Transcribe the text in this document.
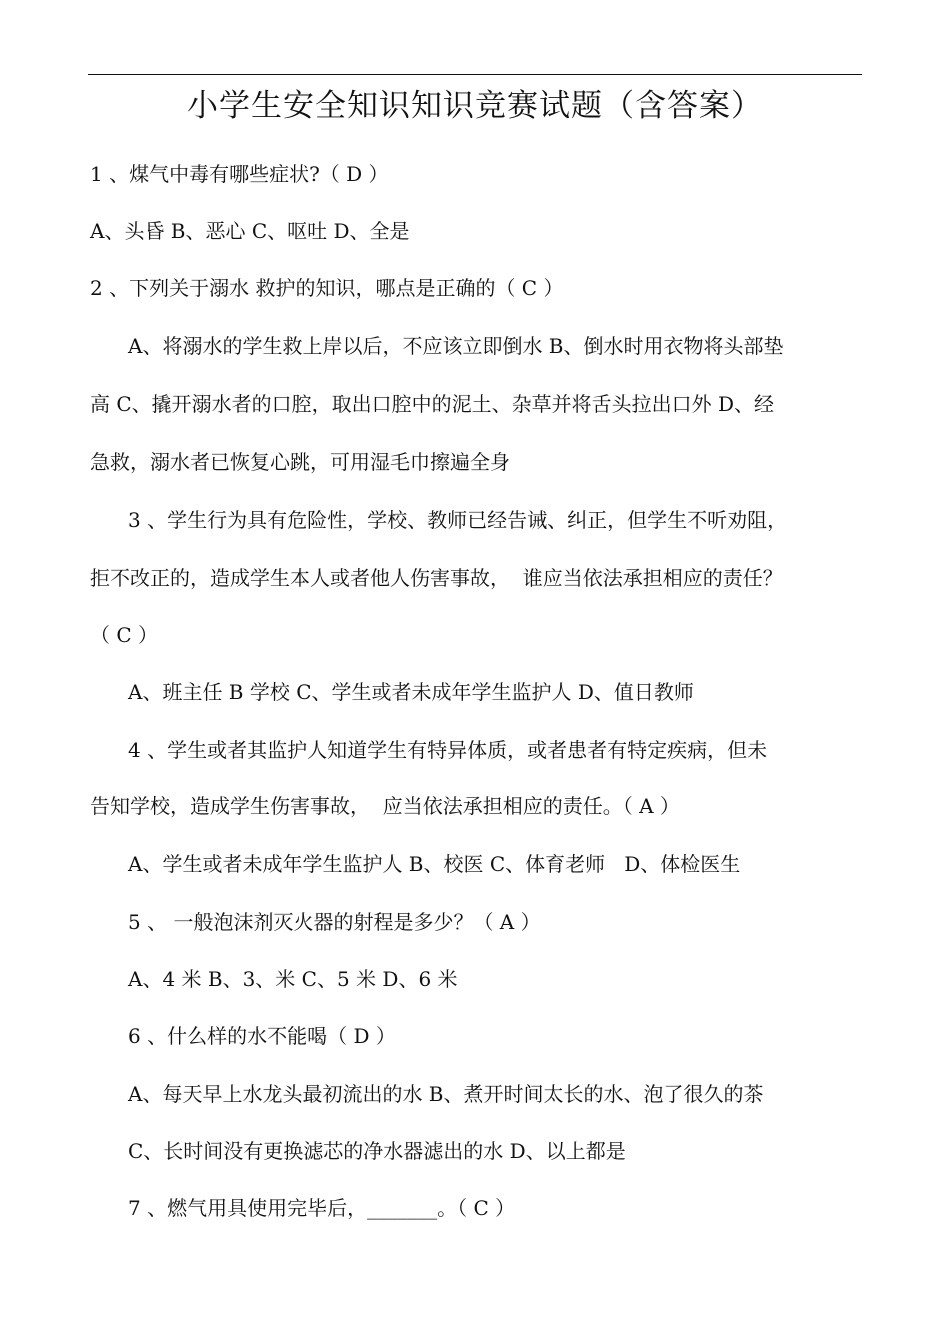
小学生安全知识知识竞赛试题（含答案）
1 、煤气中毒有哪些症状?（ D ）
A、头昏 B、恶心 C、呕吐 D、全是
2 、下列关于溺水 救护的知识，哪点是正确的（ C ）
A、将溺水的学生救上岸以后，不应该立即倒水 B、倒水时用衣物将头部垫
高 C、撬开溺水者的口腔，取出口腔中的泥土、杂草并将舌头拉出口外 D、经
急救，溺水者已恢复心跳，可用湿毛巾擦遍全身
3 、学生行为具有危险性，学校、教师已经告诫、纠正，但学生不听劝阻，
拒不改正的，造成学生本人或者他人伤害事故，  谁应当依法承担相应的责任？
（ C ）
A、班主任 B 学校 C、学生或者未成年学生监护人 D、值日教师
4 、学生或者其监护人知道学生有特异体质，或者患者有特定疾病，但未
告知学校，造成学生伤害事故，  应当依法承担相应的责任。（ A ）
A、学生或者未成年学生监护人 B、校医 C、体育老师   D、体检医生
5 、 一般泡沫剂灭火器的射程是多少？（ A ）
A、4 米 B、3、米 C、5 米 D、6 米
6 、什么样的水不能喝（ D ）
A、每天早上水龙头最初流出的水 B、煮开时间太长的水、泡了很久的茶
C、长时间没有更换滤芯的净水器滤出的水 D、以上都是
7 、燃气用具使用完毕后，_______。（ C ）
